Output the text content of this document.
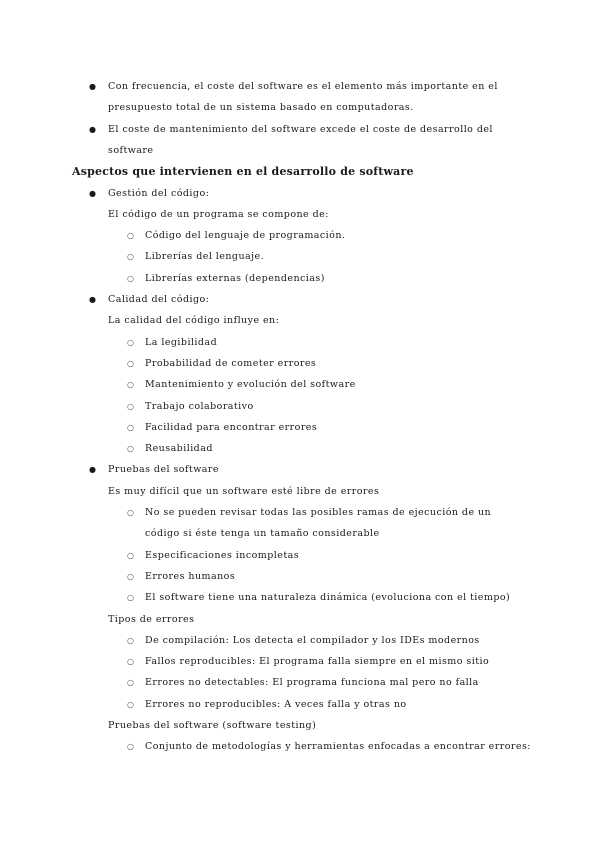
● Con frecuencia, el coste del software es el elemento más importante en el
presupuesto total de un sistema basado en computadoras.
● El coste de mantenimiento del software excede el coste de desarrollo del
software
Aspectos que intervienen en el desarrollo de software
● Gestión del código:
El código de un programa se compone de:
○ Código del lenguaje de programación.
○ Librerías del lenguaje.
○ Librerías externas (dependencias)
● Calidad del código:
La calidad del código influye en:
○ La legibilidad
○ Probabilidad de cometer errores
○ Mantenimiento y evolución del software
○ Trabajo colaborativo
○ Facilidad para encontrar errores
○ Reusabilidad
● Pruebas del software
Es muy difícil que un software esté libre de errores
○ No se pueden revisar todas las posibles ramas de ejecución de un
código si éste tenga un tamaño considerable
○ Especificaciones incompletas
○ Errores humanos
○ El software tiene una naturaleza dinámica (evoluciona con el tiempo)
Tipos de errores
○ De compilación: Los detecta el compilador y los IDEs modernos
○ Fallos reproducibles: El programa falla siempre en el mismo sitio
○ Errores no detectables: El programa funciona mal pero no falla
○ Errores no reproducibles: A veces falla y otras no
Pruebas del software (software testing)
○ Conjunto de metodologías y herramientas enfocadas a encontrar errores:
